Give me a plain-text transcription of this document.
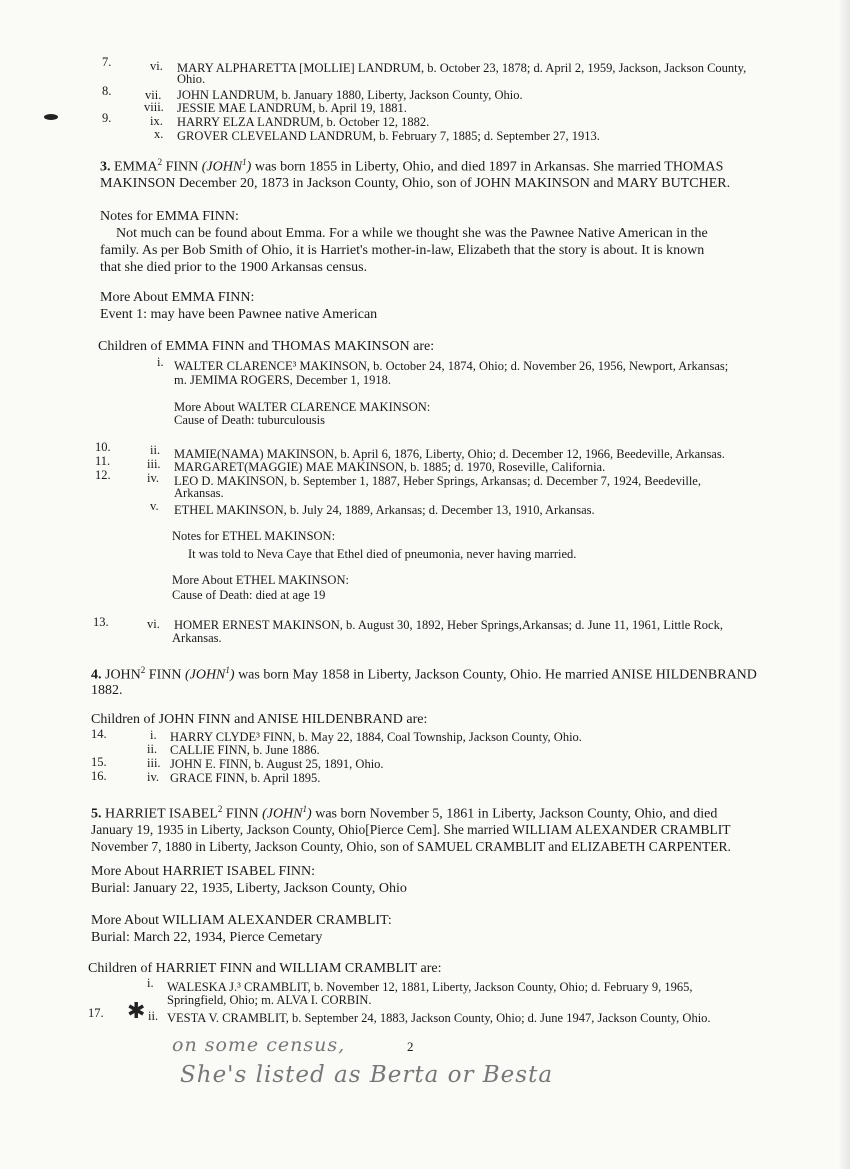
7.	vi. MARY ALPHARETTA [MOLLIE] LANDRUM, b. October 23, 1878; d. April 2, 1959, Jackson, Jackson County,
Ohio.
8.	vii. JOHN LANDRUM, b. January 1880, Liberty, Jackson County, Ohio.
viii. JESSIE MAE LANDRUM, b. April 19, 1881.
9.	ix. HARRY ELZA LANDRUM, b. October 12, 1882.
x. GROVER CLEVELAND LANDRUM, b. February 7, 1885; d. September 27, 1913.
3. EMMA$^2$ FINN (JOHN$^1$) was born 1855 in Liberty, Ohio, and died 1897 in Arkansas. She married THOMAS
MAKINSON December 20, 1873 in Jackson County, Ohio, son of JOHN MAKINSON and MARY BUTCHER.
Notes for EMMA FINN:
Not much can be found about Emma. For a while we thought she was the Pawnee Native American in the
family. As per Bob Smith of Ohio, it is Harriet's mother-in-law, Elizabeth that the story is about. It is known
that she died prior to the 1900 Arkansas census.
More About EMMA FINN:
Event 1: may have been Pawnee native American
Children of EMMA FINN and THOMAS MAKINSON are:
i. WALTER CLARENCE³ MAKINSON, b. October 24, 1874, Ohio; d. November 26, 1956, Newport, Arkansas;
m. JEMIMA ROGERS, December 1, 1918.
More About WALTER CLARENCE MAKINSON:
Cause of Death: tuburculousis
10.	ii. MAMIE(NAMA) MAKINSON, b. April 6, 1876, Liberty, Ohio; d. December 12, 1966, Beedeville, Arkansas.
11.	iii. MARGARET(MAGGIE) MAE MAKINSON, b. 1885; d. 1970, Roseville, California.
12.	iv. LEO D. MAKINSON, b. September 1, 1887, Heber Springs, Arkansas; d. December 7, 1924, Beedeville,
Arkansas.
v. ETHEL MAKINSON, b. July 24, 1889, Arkansas; d. December 13, 1910, Arkansas.
Notes for ETHEL MAKINSON:
It was told to Neva Caye that Ethel died of pneumonia, never having married.
More About ETHEL MAKINSON:
Cause of Death: died at age 19
13.	vi. HOMER ERNEST MAKINSON, b. August 30, 1892, Heber Springs,Arkansas; d. June 11, 1961, Little Rock,
Arkansas.
4. JOHN$^2$ FINN (JOHN$^1$) was born May 1858 in Liberty, Jackson County, Ohio. He married ANISE HILDENBRAND
1882.
Children of JOHN FINN and ANISE HILDENBRAND are:
14.	i. HARRY CLYDE³ FINN, b. May 22, 1884, Coal Township, Jackson County, Ohio.
ii. CALLIE FINN, b. June 1886.
15.	iii. JOHN E. FINN, b. August 25, 1891, Ohio.
16.	iv. GRACE FINN, b. April 1895.
5. HARRIET ISABEL$^2$ FINN (JOHN$^1$) was born November 5, 1861 in Liberty, Jackson County, Ohio, and died
January 19, 1935 in Liberty, Jackson County, Ohio[Pierce Cem]. She married WILLIAM ALEXANDER CRAMBLIT
November 7, 1880 in Liberty, Jackson County, Ohio, son of SAMUEL CRAMBLIT and ELIZABETH CARPENTER.
More About HARRIET ISABEL FINN:
Burial: January 22, 1935, Liberty, Jackson County, Ohio
More About WILLIAM ALEXANDER CRAMBLIT:
Burial: March 22, 1934, Pierce Cemetary
Children of HARRIET FINN and WILLIAM CRAMBLIT are:
i. WALESKA J.³ CRAMBLIT, b. November 12, 1881, Liberty, Jackson County, Ohio; d. February 9, 1965,
Springfield, Ohio; m. ALVA I. CORBIN.
17. ✱ ii. VESTA V. CRAMBLIT, b. September 24, 1883, Jackson County, Ohio; d. June 1947, Jackson County, Ohio.
on some census,	2
She's listed as Berta or Besta
